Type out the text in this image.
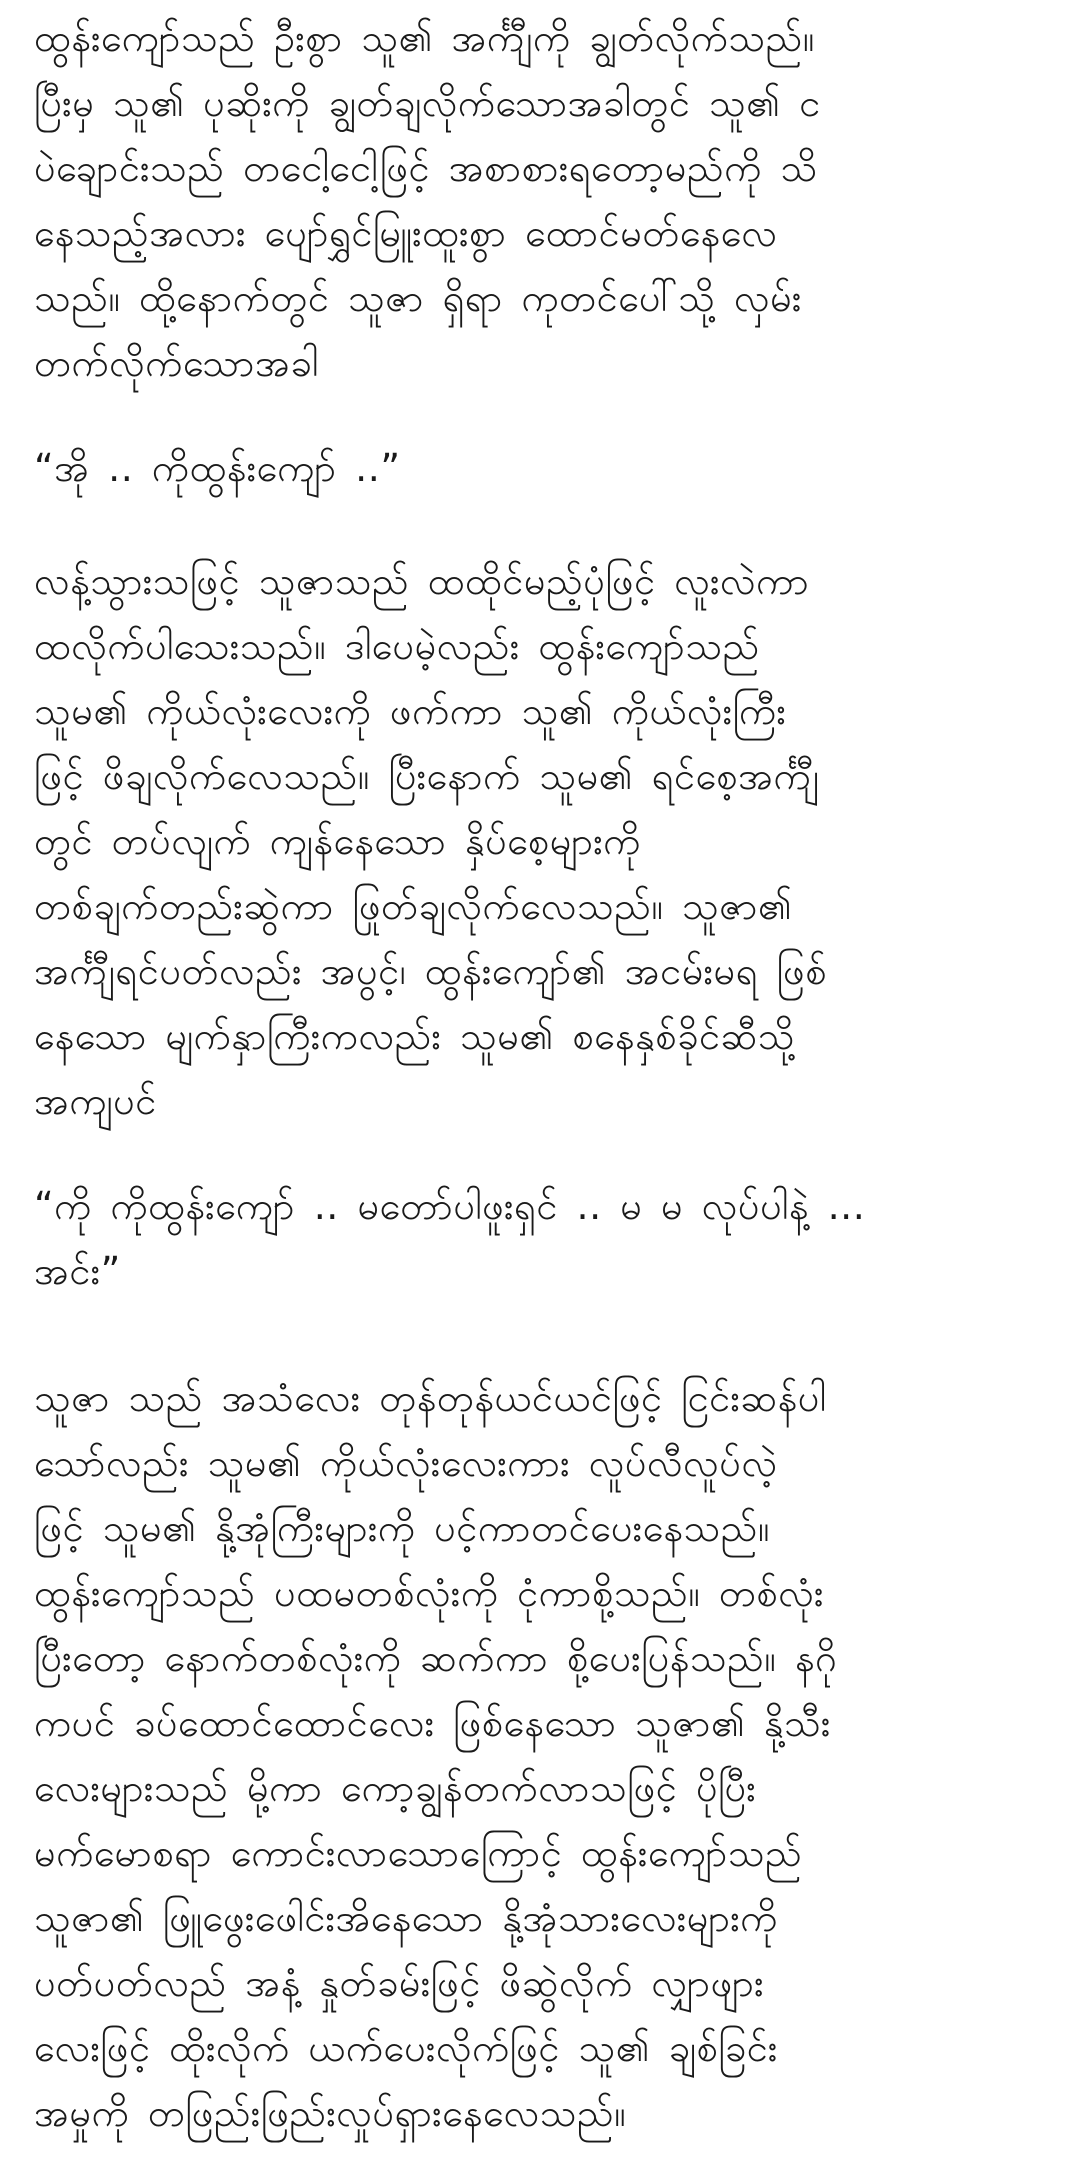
ထွန်းကျော်သည် ဦးစွာ သူ၏ အင်္ကျီကို ချွတ်လိုက်သည်။
ပြီးမှ သူ၏ ပုဆိုးကို ချွတ်ချလိုက်သောအခါတွင် သူ၏ င
ပဲချောင်းသည် တငေါ့ငေါ့ဖြင့် အစာစားရတော့မည်ကို သိ
နေသည့်အလား ပျော်ရွှင်မြူးထူးစွာ ထောင်မတ်နေလေ
သည်။ ထို့နောက်တွင် သူဇာ ရှိရာ ကုတင်ပေါ်သို့ လှမ်း
တက်လိုက်သောအခါ

“အို .. ကိုထွန်းကျော် ..”

လန့်သွားသဖြင့် သူဇာသည် ထထိုင်မည့်ပုံဖြင့် လူးလဲကာ
ထလိုက်ပါသေးသည်။ ဒါပေမဲ့လည်း ထွန်းကျော်သည်
သူမ၏ ကိုယ်လုံးလေးကို ဖက်ကာ သူ၏ ကိုယ်လုံးကြီး
ဖြင့် ဖိချလိုက်လေသည်။ ပြီးနောက် သူမ၏ ရင်စေ့အင်္ကျီ
တွင် တပ်လျက် ကျန်နေသော နှိပ်စေ့များကို
တစ်ချက်တည်းဆွဲကာ ဖြုတ်ချလိုက်လေသည်။ သူဇာ၏
အင်္ကျီရင်ပတ်လည်း အပွင့်၊ ထွန်းကျော်၏ အငမ်းမရ ဖြစ်
နေသော မျက်နှာကြီးကလည်း သူမ၏ စနေနှစ်ခိုင်ဆီသို့
အကျပင်

“ကို ကိုထွန်းကျော် .. မတော်ပါဖူးရှင် .. မ မ လုပ်ပါနဲ့ ...
အင်း”

သူဇာ သည် အသံလေး တုန်တုန်ယင်ယင်ဖြင့် ငြင်းဆန်ပါ
သော်လည်း သူမ၏ ကိုယ်လုံးလေးကား လူပ်လီလူပ်လဲ့
ဖြင့် သူမ၏ နို့အုံကြီးများကို ပင့်ကာတင်ပေးနေသည်။
ထွန်းကျော်သည် ပထမတစ်လုံးကို ငုံကာစို့သည်။ တစ်လုံး
ပြီးတော့ နောက်တစ်လုံးကို ဆက်ကာ စို့ပေးပြန်သည်။ နဂို
ကပင် ခပ်ထောင်ထောင်လေး ဖြစ်နေသော သူဇာ၏ နို့သီး
လေးများသည် မို့ကာ ကော့ချွန်တက်လာသဖြင့် ပိုပြီး
မက်မောစရာ ကောင်းလာသောကြောင့် ထွန်းကျော်သည်
သူဇာ၏ ဖြူဖွေးဖေါင်းအိနေသော နို့အုံသားလေးများကို
ပတ်ပတ်လည် အနံ့ နှုတ်ခမ်းဖြင့် ဖိဆွဲလိုက် လျှာဖျား
လေးဖြင့် ထိုးလိုက် ယက်ပေးလိုက်ဖြင့် သူ၏ ချစ်ခြင်း
အမှုကို တဖြည်းဖြည်းလှုပ်ရှားနေလေသည်။
